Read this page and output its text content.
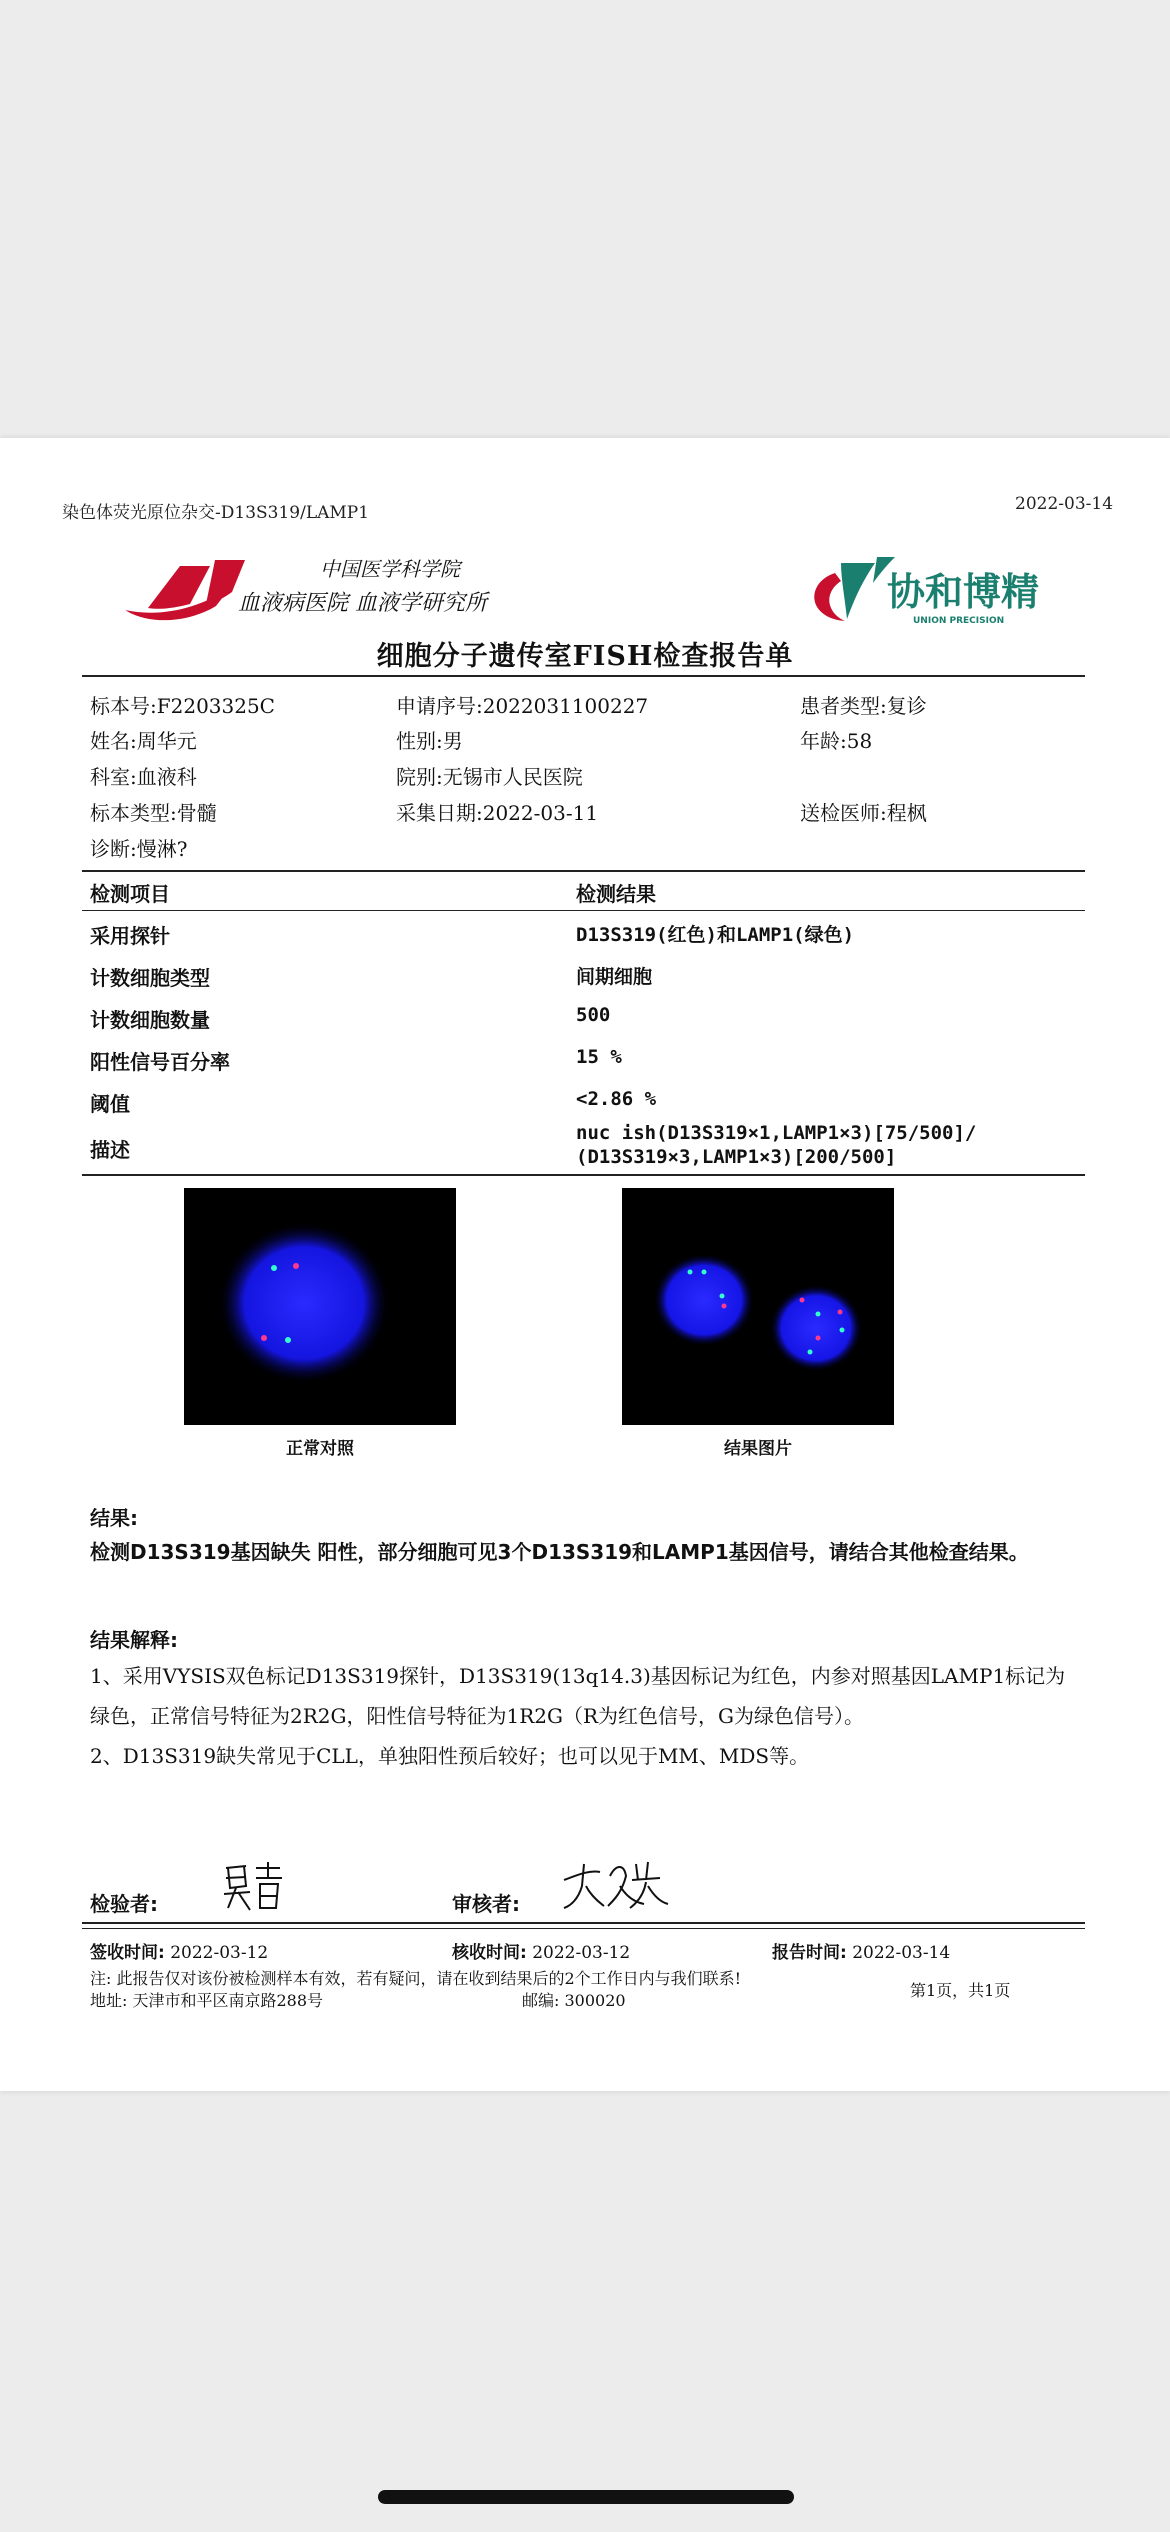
染色体荧光原位杂交-D13S319/LAMP1	2022-03-14
中国医学科学院
血液病医院 血液学研究所	协和博精
UNION PRECISION
细胞分子遗传室FISH检查报告单
标本号:F2203325C	申请序号:2022031100227	患者类型:复诊
姓名:周华元	性别:男	年龄:58
科室:血液科	院别:无锡市人民医院
标本类型:骨髓	采集日期:2022-03-11	送检医师:程枫
诊断:慢淋?
检测项目	检测结果
采用探针	D13S319(红色)和LAMP1(绿色)
计数细胞类型	间期细胞
计数细胞数量	500
阳性信号百分率	15 %
阈值	<2.86 %
描述
nuc ish(D13S319×1,LAMP1×3)[75/500]/
(D13S319×3,LAMP1×3)[200/500]
正常对照	结果图片
结果:
检测D13S319基因缺失 阳性，部分细胞可见3个D13S319和LAMP1基因信号，请结合其他检查结果。
结果解释:
1、采用VYSIS双色标记D13S319探针，D13S319(13q14.3)基因标记为红色，内参对照基因LAMP1标记为
绿色，正常信号特征为2R2G，阳性信号特征为1R2G（R为红色信号，G为绿色信号）。
2、D13S319缺失常见于CLL，单独阳性预后较好；也可以见于MM、MDS等。
检验者:	审核者:
签收时间: 2022-03-12	核收时间: 2022-03-12	报告时间: 2022-03-14
注: 此报告仅对该份被检测样本有效，若有疑问，请在收到结果后的2个工作日内与我们联系!
地址: 天津市和平区南京路288号	邮编: 300020
第1页，共1页
